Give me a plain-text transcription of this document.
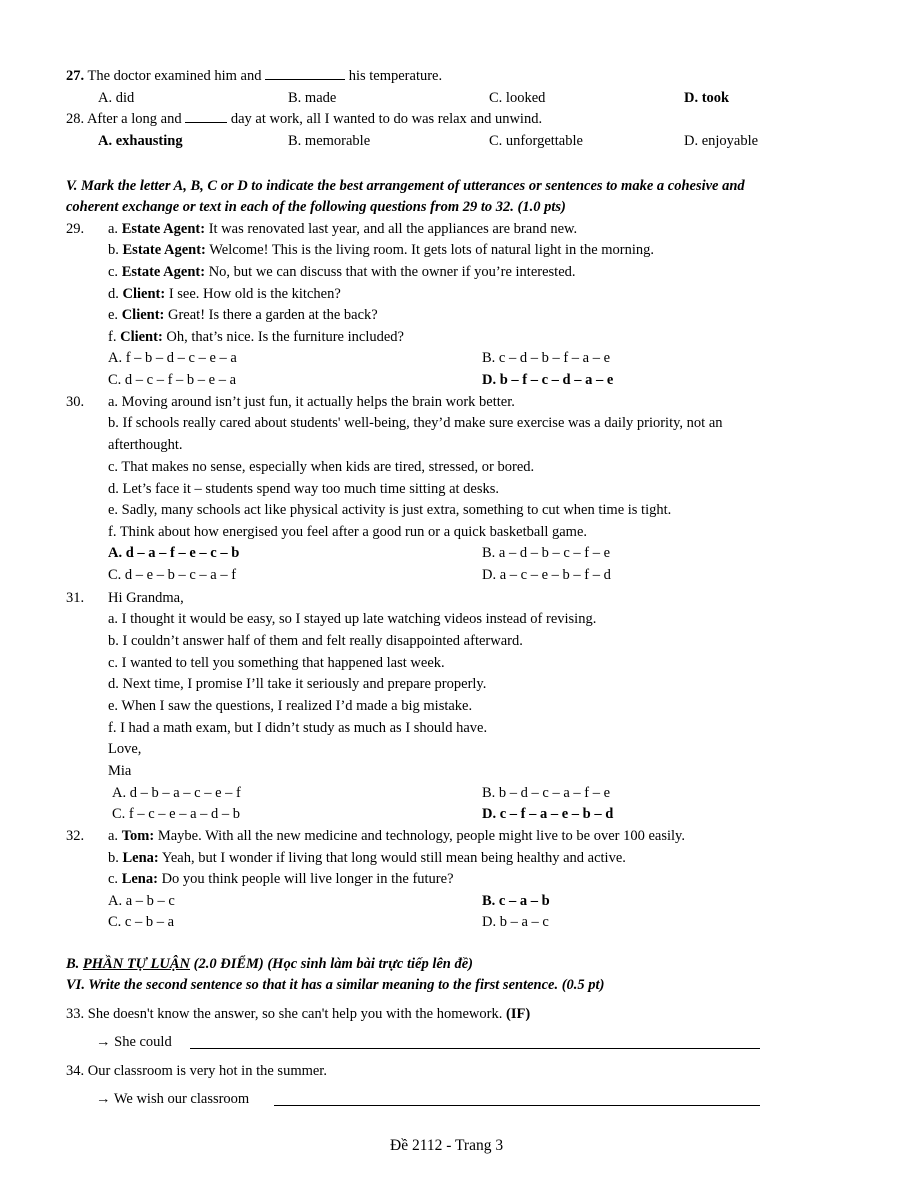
27. The doctor examined him and	his temperature.
A. did	B. made	C. looked	D. took
28. After a long and	day at work, all I wanted to do was relax and unwind.
A. exhausting	B. memorable	C. unforgettable	D. enjoyable
V. Mark the letter A, B, C or D to indicate the best arrangement of utterances or sentences to make a cohesive and
coherent exchange or text in each of the following questions from 29 to 32. (1.0 pts)
29. a. Estate Agent: It was renovated last year, and all the appliances are brand new.
b. Estate Agent: Welcome! This is the living room. It gets lots of natural light in the morning.
c. Estate Agent: No, but we can discuss that with the owner if you’re interested.
d. Client: I see. How old is the kitchen?
e. Client: Great! Is there a garden at the back?
f. Client: Oh, that’s nice. Is the furniture included?
A. f – b – d – c – e – a	B. c – d – b – f – a – e
C. d – c – f – b – e – a	D. b – f – c – d – a – e
30. a. Moving around isn’t just fun, it actually helps the brain work better.
b. If schools really cared about students' well-being, they’d make sure exercise was a daily priority, not an
afterthought.
c. That makes no sense, especially when kids are tired, stressed, or bored.
d. Let’s face it – students spend way too much time sitting at desks.
e. Sadly, many schools act like physical activity is just extra, something to cut when time is tight.
f. Think about how energised you feel after a good run or a quick basketball game.
A. d – a – f – e – c – b	B. a – d – b – c – f – e
C. d – e – b – c – a – f	D. a – c – e – b – f – d
31. Hi Grandma,
a. I thought it would be easy, so I stayed up late watching videos instead of revising.
b. I couldn’t answer half of them and felt really disappointed afterward.
c. I wanted to tell you something that happened last week.
d. Next time, I promise I’ll take it seriously and prepare properly.
e. When I saw the questions, I realized I’d made a big mistake.
f. I had a math exam, but I didn’t study as much as I should have.
Love,
Mia
A. d – b – a – c – e – f	B. b – d – c – a – f – e
C. f – c – e – a – d – b	D. c – f – a – e – b – d
32. a. Tom: Maybe. With all the new medicine and technology, people might live to be over 100 easily.
b. Lena: Yeah, but I wonder if living that long would still mean being healthy and active.
c. Lena: Do you think people will live longer in the future?
A. a – b – c	B. c – a – b
C. c – b – a	D. b – a – c
B. PHẦN TỰ LUẬN (2.0 ĐIỂM) (Học sinh làm bài trực tiếp lên đề)
VI. Write the second sentence so that it has a similar meaning to the first sentence. (0.5 pt)
33. She doesn't know the answer, so she can't help you with the homework. (IF)
→ She could
34. Our classroom is very hot in the summer.
→ We wish our classroom
Đề 2112 - Trang 3
